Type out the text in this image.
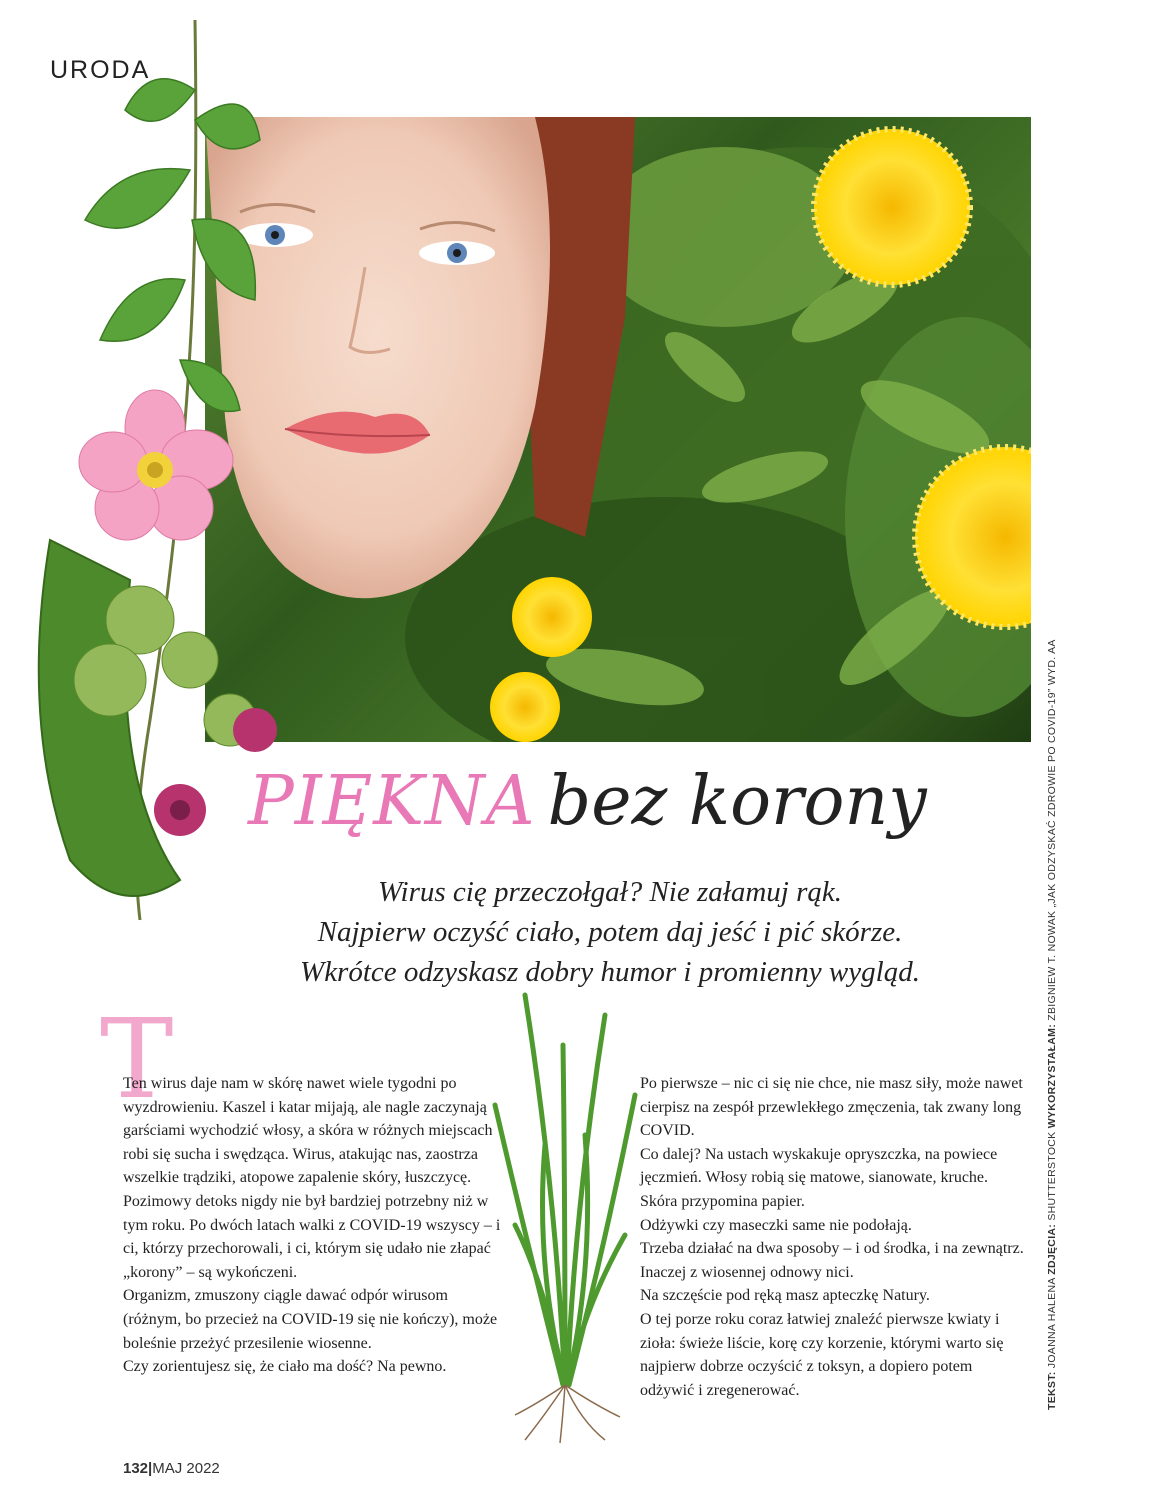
URODA
PIĘKNA bez korony
Wirus cię przeczołgał? Nie załamuj rąk.
Najpierw oczyść ciało, potem daj jeść i pić skórze.
Wkrótce odzyskasz dobry humor i promienny wygląd.
T

Ten wirus daje nam w skórę nawet wiele tygodni po wyzdrowieniu. Kaszel i katar mijają, ale nagle zaczynają garściami wychodzić włosy, a skóra w różnych miejscach robi się sucha i swędząca. Wirus, atakując nas, zaostrza wszelkie trądziki, atopowe zapalenie skóry, łuszczycę.

Pozimowy detoks nigdy nie był bardziej potrzebny niż w tym roku. Po dwóch latach walki z COVID-19 wszyscy – i ci, którzy przechorowali, i ci, którym się udało nie złapać „korony” – są wykończeni.

Organizm, zmuszony ciągle dawać odpór wirusom (różnym, bo przecież na COVID-19 się nie kończy), może boleśnie przeżyć przesilenie wiosenne.

Czy zorientujesz się, że ciało ma dość? Na pewno.

Po pierwsze – nic ci się nie chce, nie masz siły, może nawet cierpisz na zespół przewlekłego zmęczenia, tak zwany long COVID.

Co dalej? Na ustach wyskakuje opryszczka, na powiece jęczmień. Włosy robią się matowe, sianowate, kruche. Skóra przypomina papier.

Odżywki czy maseczki same nie podołają.

Trzeba działać na dwa sposoby – i od środka, i na zewnątrz. Inaczej z wiosennej odnowy nici.

Na szczęście pod ręką masz apteczkę Natury.

O tej porze roku coraz łatwiej znaleźć pierwsze kwiaty i zioła: świeże liście, korę czy korzenie, którymi warto się najpierw dobrze oczyścić z toksyn, a dopiero potem odżywić i zregenerować.

132|MAJ 2022
TEKST: JOANNA HALENA ZDJĘCIA: SHUTTERSTOCK WYKORZYSTAŁAM: ZBIGNIEW T. NOWAK „JAK ODZYSKAĆ ZDROWIE PO COVID-19” WYD. AA
